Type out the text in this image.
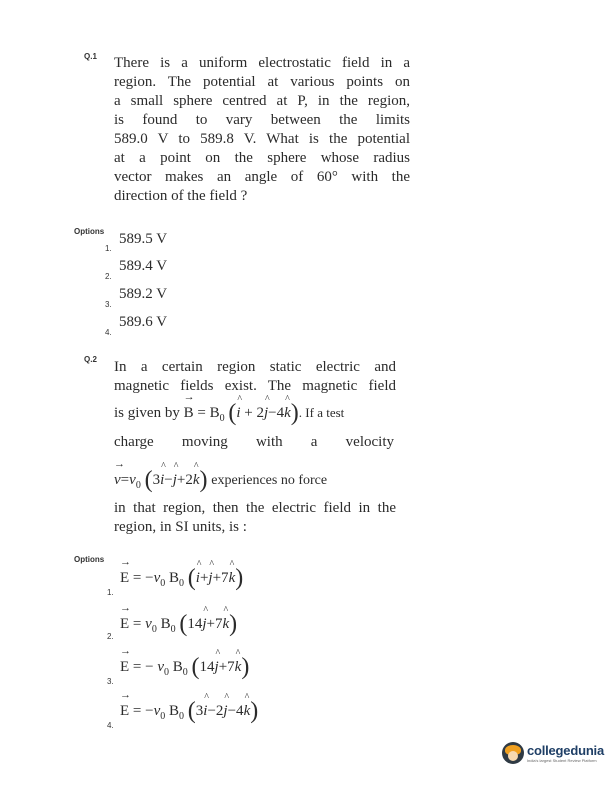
Q.1 There is a uniform electrostatic field in a

region. The potential at various points on

a small sphere centred at P, in the region,

is found to vary between the limits

589.0 V to 589.8 V. What is the potential

at a point on the sphere whose radius

vector makes an angle of 60° with the

direction of the field ?

Options
1.
589.5 V
2.
589.4 V
3.
589.2 V
4.
589.6 V
Q.2 In a certain region static electric and

magnetic fields exist. The magnetic field

is given by
→
$B = B_0$ (i ^ + 2j ^−4k ^). If a test

charge moving with a velocity

→
$v=v_0$ (3i ^−j ^+2k ^) experiences no force

in that region, then the electric field in the

region, in SI units, is :

Options
1.
→
$E = -v_0$ $B_0$ (i ^+j ^+7k ^)
2.
→
$E = v_0$ $B_0$ (14j ^+7k ^)
3.
→
E = − $v_0$ $B_0$ (14j ^+7k ^)
4.
→
$E = -v_0$ $B_0$ (3i ^−2j ^−4k ^)
collegedunia
India's largest Student Review Platform
